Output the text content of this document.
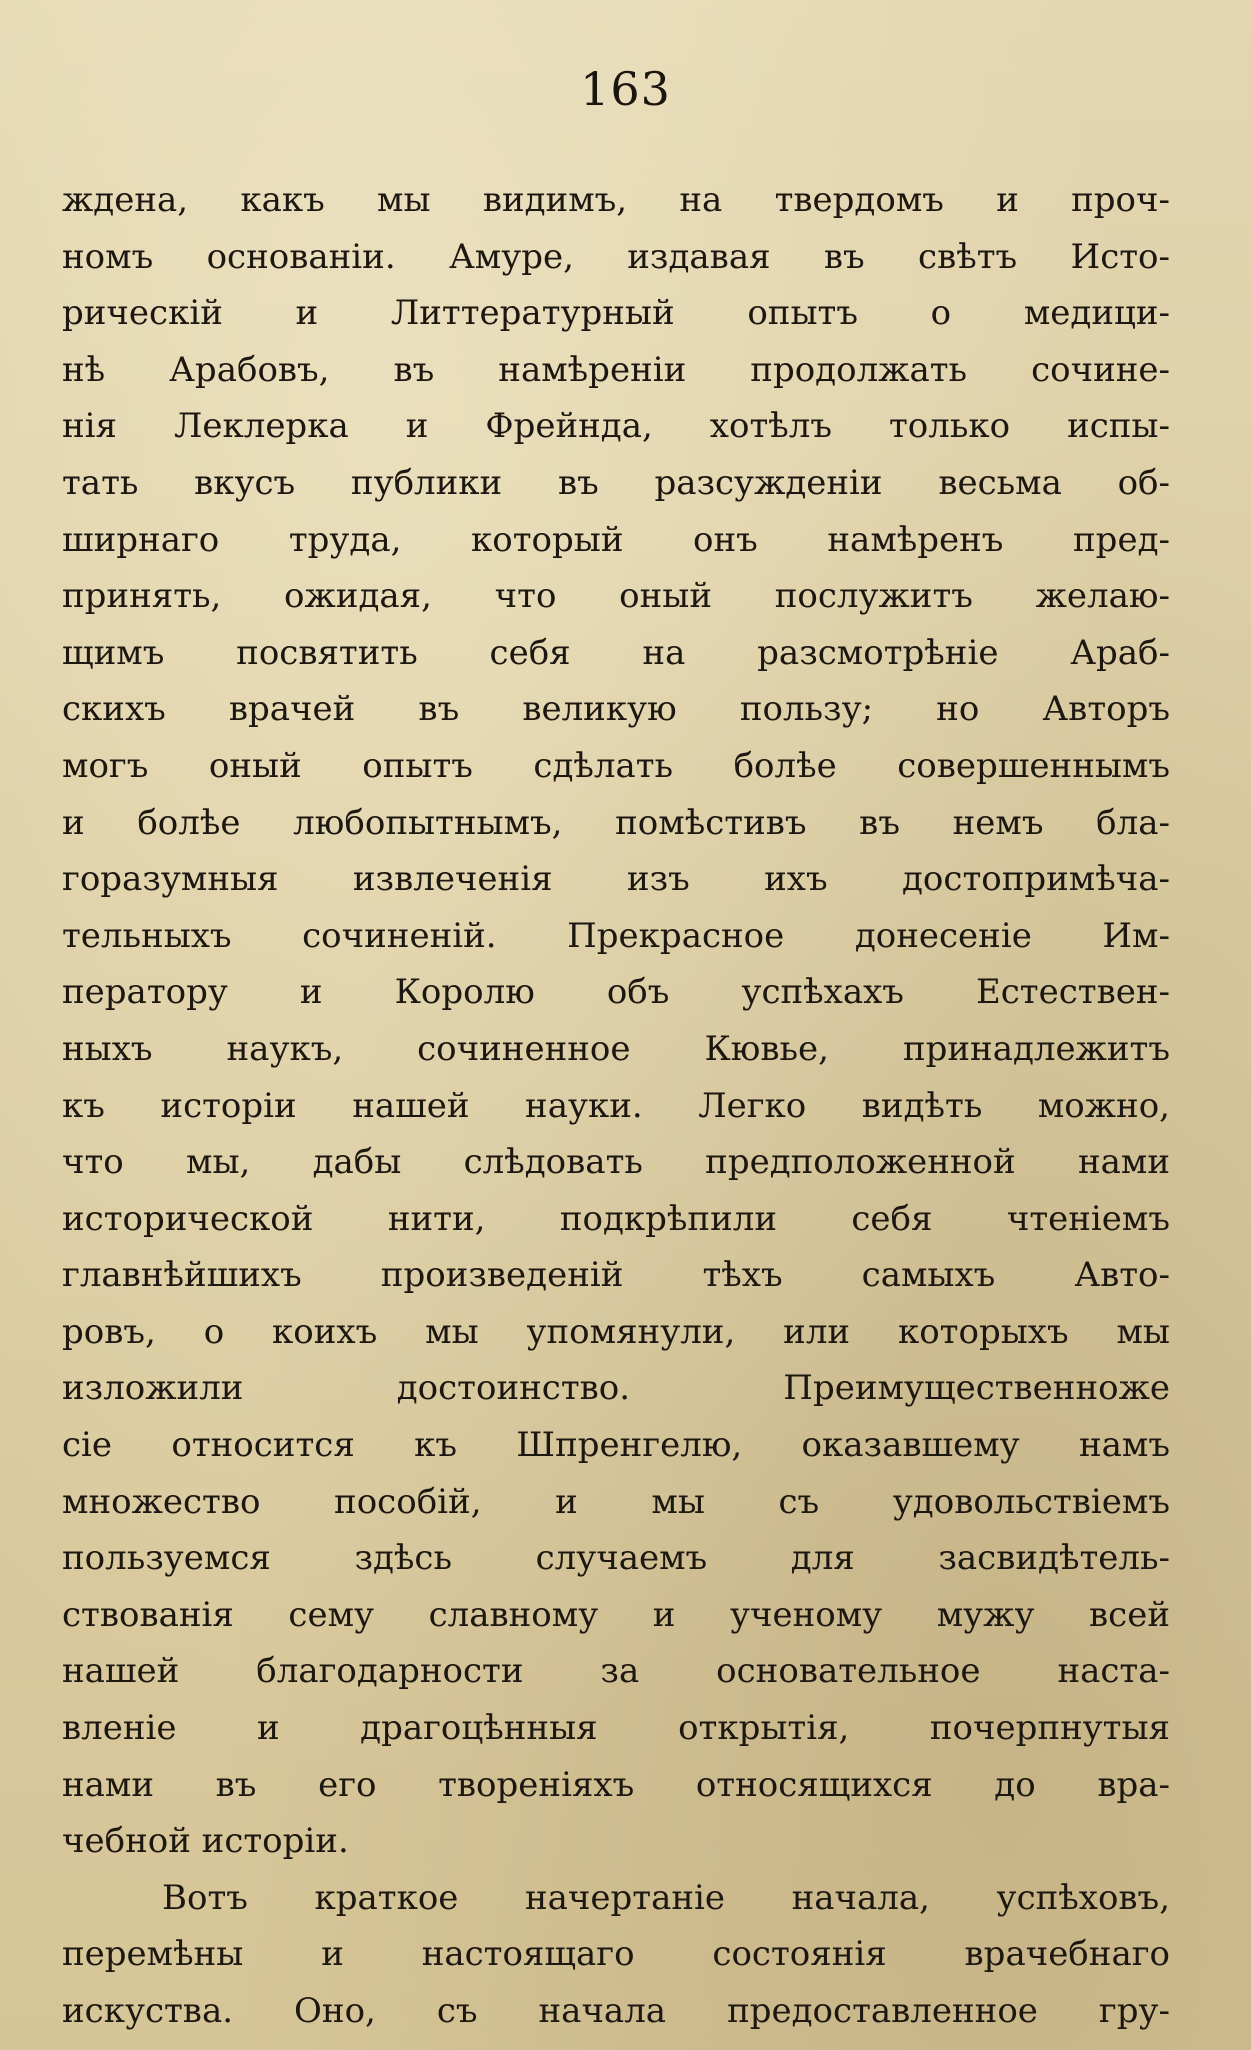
163
ждена, какъ мы видимъ, на твердомъ и проч-
номъ основаніи. Амуре, издавая въ свѣтъ Исто-
рическій и Литтературный опытъ о медици-
нѣ Арабовъ, въ намѣреніи продолжать сочине-
нія Леклерка и Фрейнда, хотѣлъ только испы-
тать вкусъ публики въ разсужденіи весьма об-
ширнаго труда, который онъ намѣренъ пред-
принять, ожидая, что оный послужитъ желаю-
щимъ посвятить себя на разсмотрѣніе Араб-
скихъ врачей въ великую пользу; но Авторъ
могъ оный опытъ сдѣлать болѣе совершеннымъ
и болѣе любопытнымъ, помѣстивъ въ немъ бла-
горазумныя извлеченія изъ ихъ достопримѣча-
тельныхъ сочиненій. Прекрасное донесеніе Им-
ператору и Королю объ успѣхахъ Естествен-
ныхъ наукъ, сочиненное Кювье, принадлежитъ
къ исторіи нашей науки. Легко видѣть можно,
что мы, дабы слѣдовать предположенной нами
исторической нити, подкрѣпили себя чтеніемъ
главнѣйшихъ произведеній тѣхъ самыхъ Авто-
ровъ, о коихъ мы упомянули, или которыхъ мы
изложили достоинство. Преимущественноже
сіе относится къ Шпренгелю, оказавшему намъ
множество пособій, и мы съ удовольствіемъ
пользуемся здѣсь случаемъ для засвидѣтель-
ствованія сему славному и ученому мужу всей
нашей благодарности за основательное наста-
вленіе и драгоцѣнныя открытія, почерпнутыя
нами въ его твореніяхъ относящихся до вра-
чебной исторіи.
Вотъ краткое начертаніе начала, успѣховъ,
перемѣны и настоящаго состоянія врачебнаго
искуства. Оно, съ начала предоставленное гру-
